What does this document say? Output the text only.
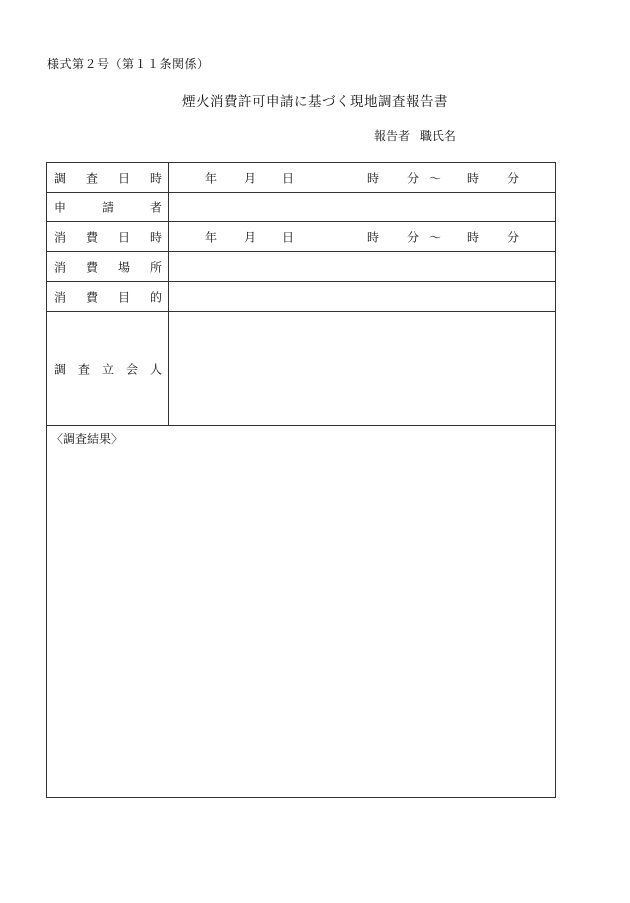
様式第２号（第１１条関係）
煙火消費許可申請に基づく現地調査報告書
報告者 職氏名
調 査 日 時	年 月 日	時 分 〜 時 分
申	請	者
消 費 日 時	年 月 日	時 分 〜 時 分
消 費 場 所
消 費 目 的
調 査 立 会 人
〈調査結果〉
